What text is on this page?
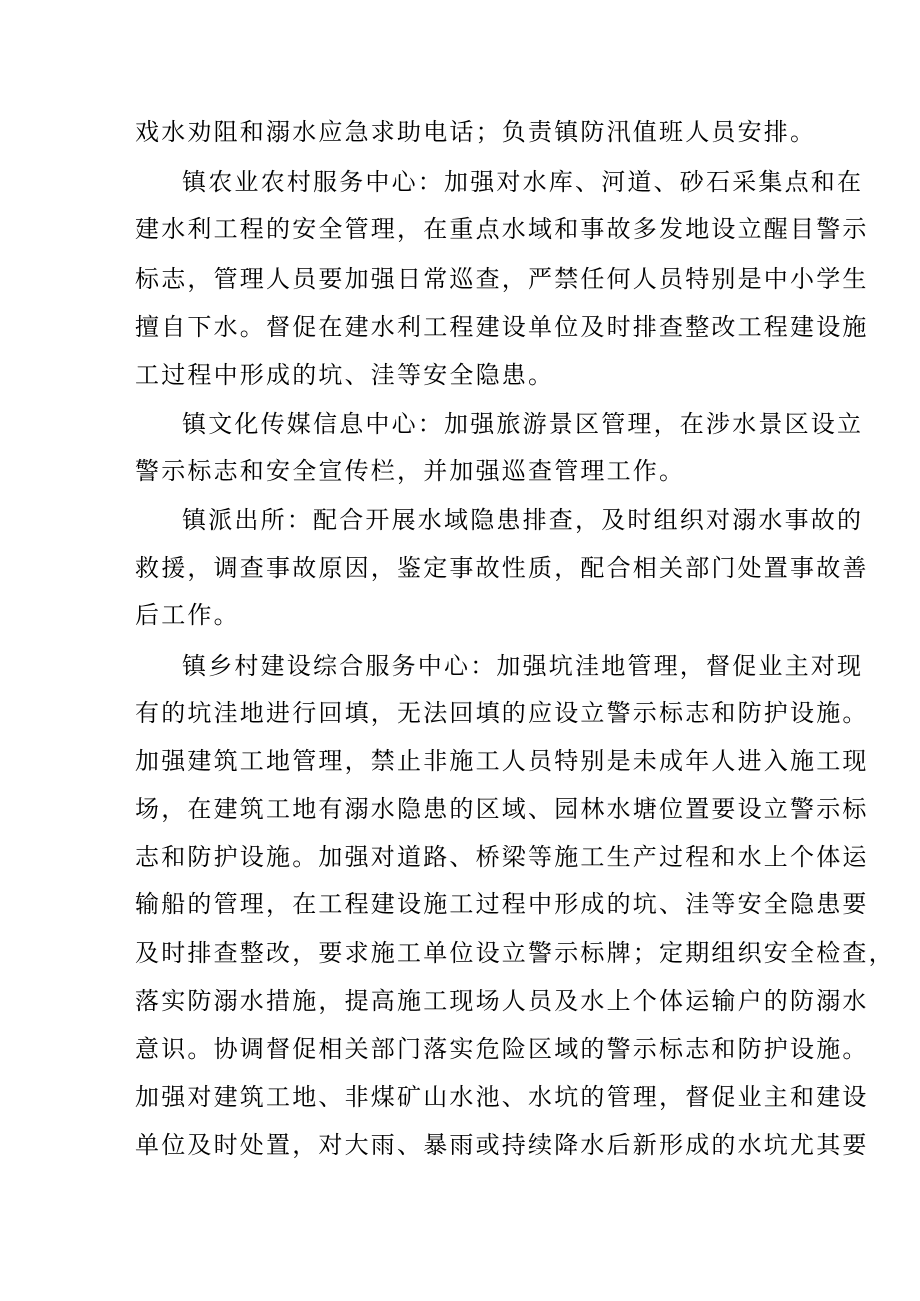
戏水劝阻和溺水应急求助电话；负责镇防汛值班人员安排。
镇农业农村服务中心：加强对水库、河道、砂石采集点和在
建水利工程的安全管理，在重点水域和事故多发地设立醒目警示
标志，管理人员要加强日常巡查，严禁任何人员特别是中小学生
擅自下水。督促在建水利工程建设单位及时排查整改工程建设施
工过程中形成的坑、洼等安全隐患。
镇文化传媒信息中心：加强旅游景区管理，在涉水景区设立
警示标志和安全宣传栏，并加强巡查管理工作。
镇派出所：配合开展水域隐患排查，及时组织对溺水事故的
救援，调查事故原因，鉴定事故性质，配合相关部门处置事故善
后工作。
镇乡村建设综合服务中心：加强坑洼地管理，督促业主对现
有的坑洼地进行回填，无法回填的应设立警示标志和防护设施。
加强建筑工地管理，禁止非施工人员特别是未成年人进入施工现
场，在建筑工地有溺水隐患的区域、园林水塘位置要设立警示标
志和防护设施。加强对道路、桥梁等施工生产过程和水上个体运
输船的管理，在工程建设施工过程中形成的坑、洼等安全隐患要
及时排查整改，要求施工单位设立警示标牌；定期组织安全检查，
落实防溺水措施，提高施工现场人员及水上个体运输户的防溺水
意识。协调督促相关部门落实危险区域的警示标志和防护设施。
加强对建筑工地、非煤矿山水池、水坑的管理，督促业主和建设
单位及时处置，对大雨、暴雨或持续降水后新形成的水坑尤其要
